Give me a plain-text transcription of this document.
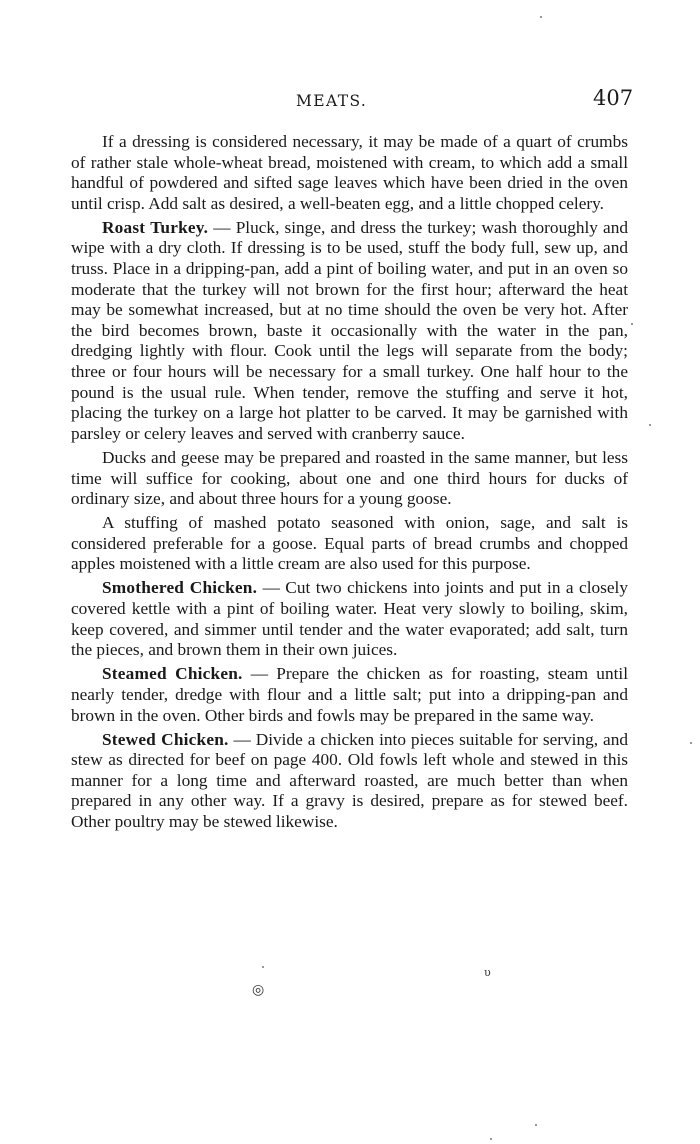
MEATS.	407

If a dressing is considered necessary, it may be made of a quart of crumbs of rather stale whole-wheat bread, moistened with cream, to which add a small handful of powdered and sifted sage leaves which have been dried in the oven until crisp. Add salt as desired, a well-beaten egg, and a little chopped celery.

Roast Turkey. — Pluck, singe, and dress the turkey; wash thoroughly and wipe with a dry cloth. If dressing is to be used, stuff the body full, sew up, and truss. Place in a dripping-pan, add a pint of boiling water, and put in an oven so moderate that the turkey will not brown for the first hour; afterward the heat may be somewhat increased, but at no time should the oven be very hot. After the bird becomes brown, baste it occasionally with the water in the pan, dredging lightly with flour. Cook until the legs will separate from the body; three or four hours will be necessary for a small turkey. One half hour to the pound is the usual rule. When tender, remove the stuffing and serve it hot, placing the turkey on a large hot platter to be carved. It may be garnished with parsley or celery leaves and served with cranberry sauce.

Ducks and geese may be prepared and roasted in the same manner, but less time will suffice for cooking, about one and one third hours for ducks of ordinary size, and about three hours for a young goose.

A stuffing of mashed potato seasoned with onion, sage, and salt is considered preferable for a goose. Equal parts of bread crumbs and chopped apples moistened with a little cream are also used for this purpose.

Smothered Chicken. — Cut two chickens into joints and put in a closely covered kettle with a pint of boiling water. Heat very slowly to boiling, skim, keep covered, and simmer until tender and the water evaporated; add salt, turn the pieces, and brown them in their own juices.

Steamed Chicken. — Prepare the chicken as for roasting, steam until nearly tender, dredge with flour and a little salt; put into a dripping-pan and brown in the oven. Other birds and fowls may be prepared in the same way.

Stewed Chicken. — Divide a chicken into pieces suitable for serving, and stew as directed for beef on page 400. Old fowls left whole and stewed in this manner for a long time and afterward roasted, are much better than when prepared in any other way. If a gravy is desired, prepare as for stewed beef. Other poultry may be stewed likewise.

◎
υ
